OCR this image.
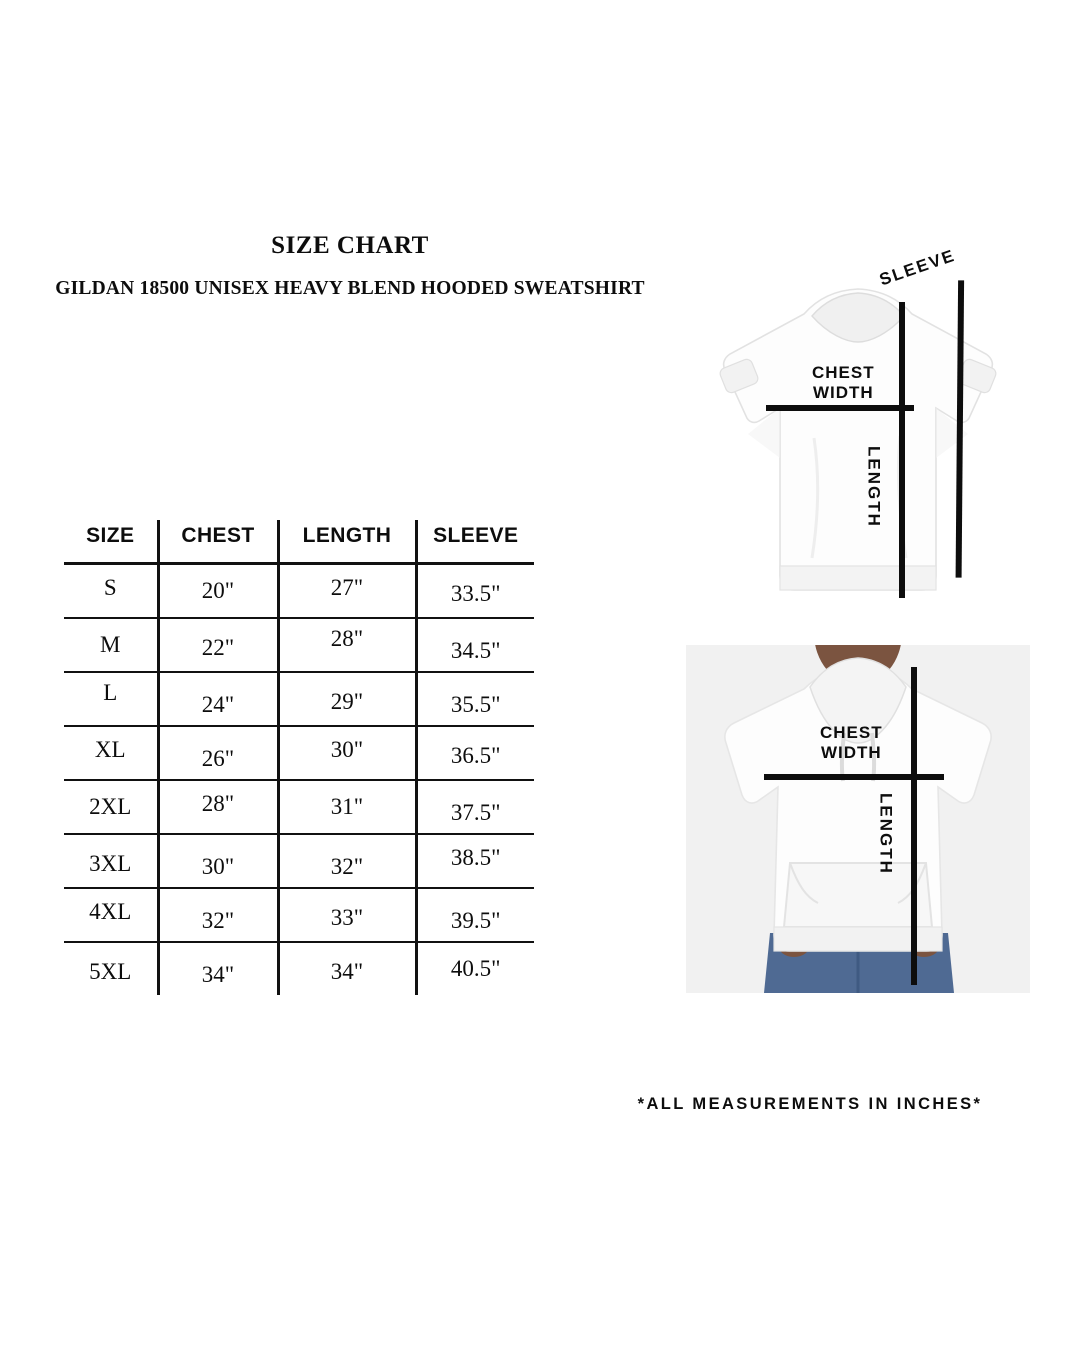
SIZE CHART
GILDAN 18500 UNISEX HEAVY BLEND HOODED SWEATSHIRT
SIZE	CHEST	LENGTH	SLEEVE
S	20"	27"	33.5"
M	22"	28"	34.5"
L	24"	29"	35.5"
XL	26"	30"	36.5"
2XL	28"	31"	37.5"
3XL	30"	32"	38.5"
4XL	32"	33"	39.5"
5XL	34"	34"	40.5"
CHEST
WIDTH
LENGTH
SLEEVE
CHEST
WIDTH
LENGTH
*ALL MEASUREMENTS IN INCHES*
